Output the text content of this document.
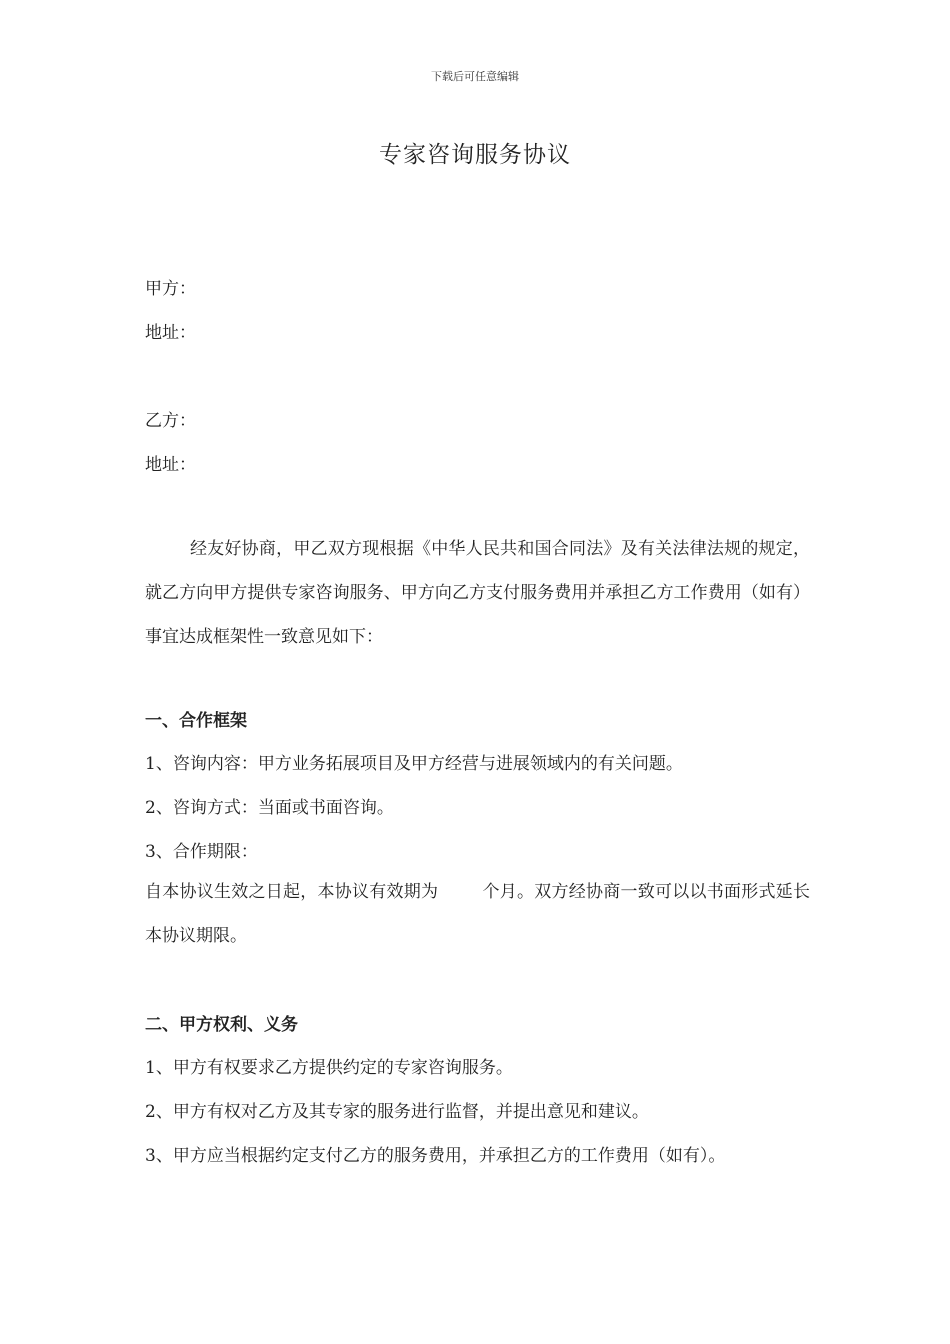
下载后可任意编辑
专家咨询服务协议
甲方：
地址：
乙方：
地址：
经友好协商，甲乙双方现根据《中华人民共和国合同法》及有关法律法规的规定，就乙方向甲方提供专家咨询服务、甲方向乙方支付服务费用并承担乙方工作费用（如有）事宜达成框架性一致意见如下：
一、合作框架
1、咨询内容：甲方业务拓展项目及甲方经营与进展领域内的有关问题。
2、咨询方式：当面或书面咨询。
3、合作期限：
自本协议生效之日起，本协议有效期为	个月。双方经协商一致可以以书面形式延长本协议期限。
二、甲方权利、义务
1、甲方有权要求乙方提供约定的专家咨询服务。
2、甲方有权对乙方及其专家的服务进行监督，并提出意见和建议。
3、甲方应当根据约定支付乙方的服务费用，并承担乙方的工作费用（如有）。
